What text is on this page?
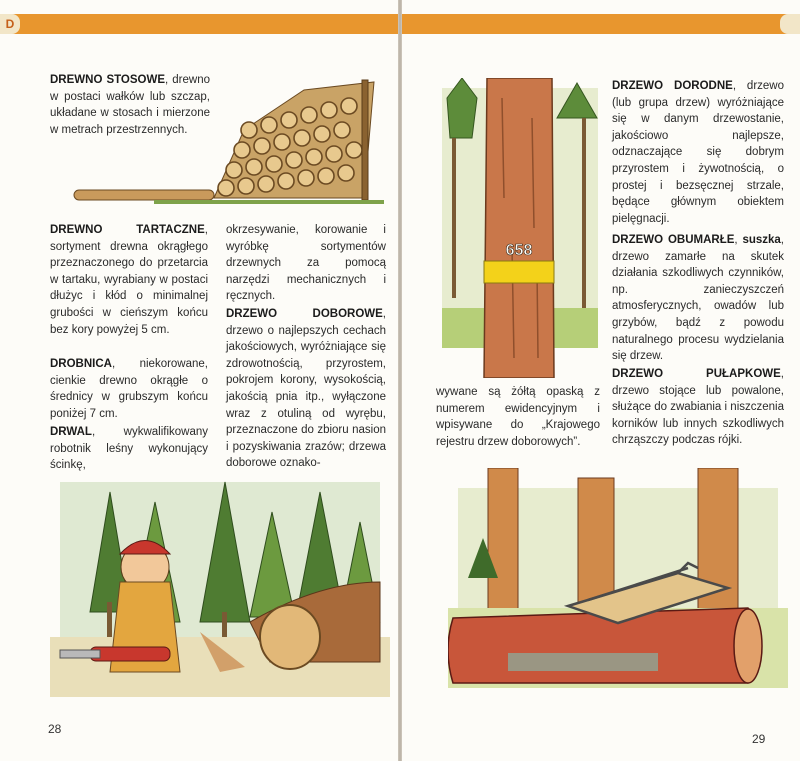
D

DREWNO STOSOWE, drewno w postaci wałków lub szczap, układane w stosach i mierzone w metrach przestrzennych.

DREWNO TARTACZNE, sortyment drewna okrągłego przeznaczonego do przetarcia w tartaku, wyrabiany w postaci dłużyc i kłód o minimalnej grubości w cieńszym końcu bez kory powyżej 5 cm.

DROBNICA, niekorowane, cienkie drewno okrągłe o średnicy w grubszym końcu poniżej 7 cm.

DRWAL, wykwalifikowany robotnik leśny wykonujący ścinkę,

okrzesywanie, korowanie i wyróbkę sortymentów drzewnych za pomocą narzędzi mechanicznych i ręcznych.

DRZEWO DOBOROWE, drzewo o najlepszych cechach jakościowych, wyróżniające się zdrowotnością, przyrostem, pokrojem korony, wysokością, jakością pnia itp., wyłączone wraz z otuliną od wyrębu, przeznaczone do zbioru nasion i pozyskiwania zrazów; drzewa doborowe oznako-

28
658

DRZEWO DORODNE, drzewo (lub grupa drzew) wyróżniające się w danym drzewostanie, jakościowo najlepsze, odznaczające się dobrym przyrostem i żywotnością, o prostej i bezsęcznej strzale, będące głównym obiektem pielęgnacji.

DRZEWO OBUMARŁE, suszka, drzewo zamarłe na skutek działania szkodliwych czynników, np. zanieczyszczeń atmosferycznych, owadów lub grzybów, bądź z powodu naturalnego procesu wydzielania się drzew.

DRZEWO PUŁAPKOWE, drzewo stojące lub powalone, służące do zwabiania i niszczenia korników lub innych szkodliwych chrząszczy podczas rójki.

wywane są żółtą opaską z numerem ewidencyjnym i wpisywane do „Krajowego rejestru drzew doborowych”.

29
